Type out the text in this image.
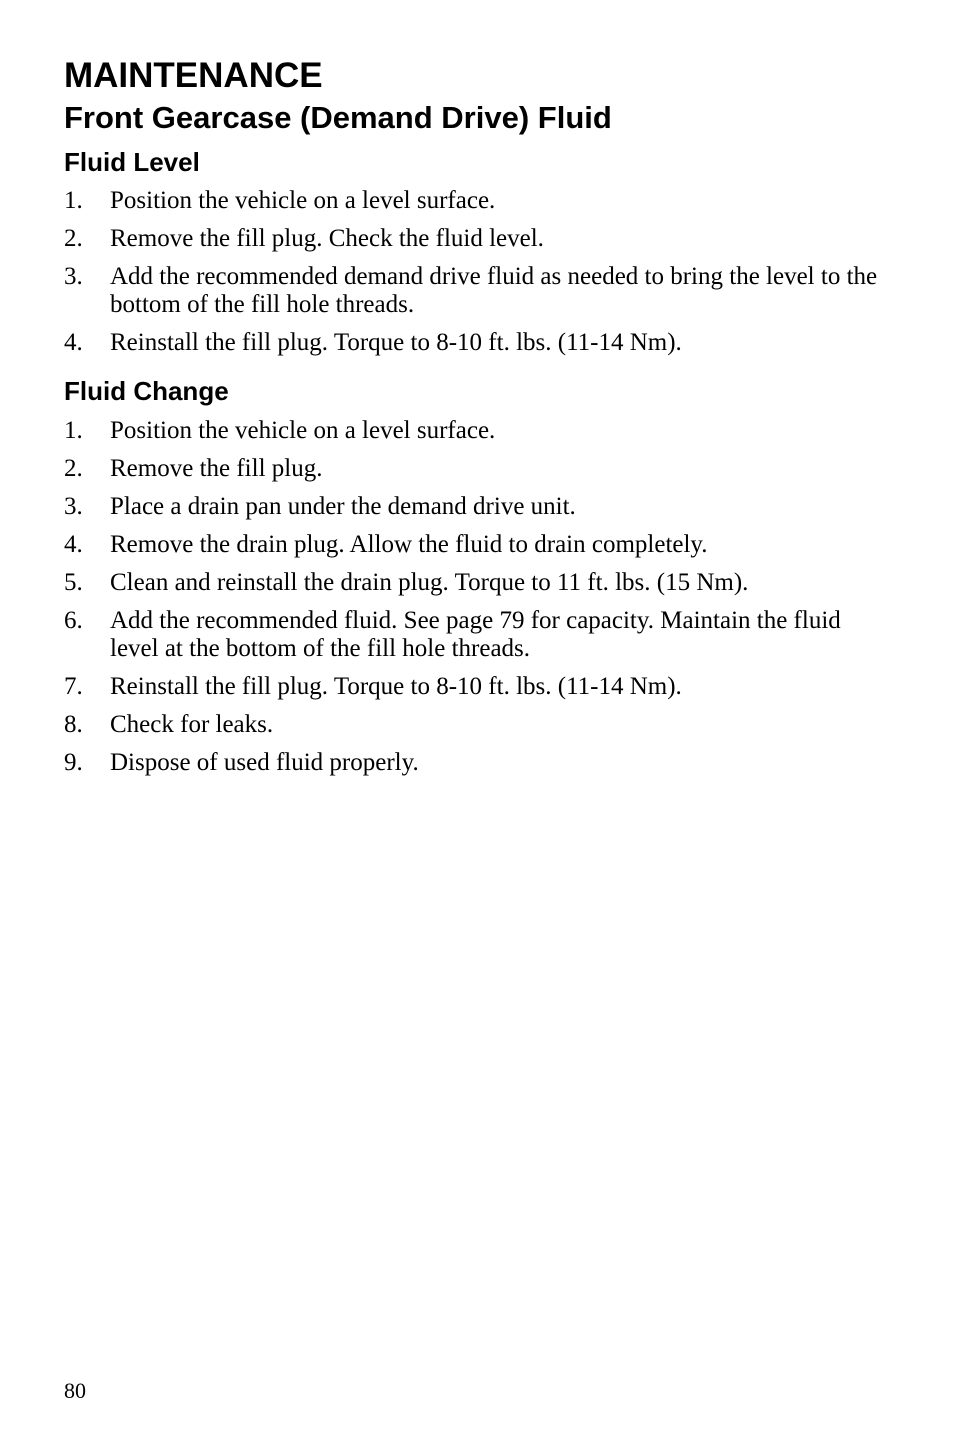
MAINTENANCE
Front Gearcase (Demand Drive) Fluid
Fluid Level
1. Position the vehicle on a level surface.
2. Remove the fill plug. Check the fluid level.
3. Add the recommended demand drive fluid as needed to bring the level to the bottom of the fill hole threads.
4. Reinstall the fill plug. Torque to 8-10 ft. lbs. (11-14 Nm).
Fluid Change
1. Position the vehicle on a level surface.
2. Remove the fill plug.
3. Place a drain pan under the demand drive unit.
4. Remove the drain plug. Allow the fluid to drain completely.
5. Clean and reinstall the drain plug. Torque to 11 ft. lbs. (15 Nm).
6. Add the recommended fluid. See page 79 for capacity. Maintain the fluid level at the bottom of the fill hole threads.
7. Reinstall the fill plug. Torque to 8-10 ft. lbs. (11-14 Nm).
8. Check for leaks.
9. Dispose of used fluid properly.
80
